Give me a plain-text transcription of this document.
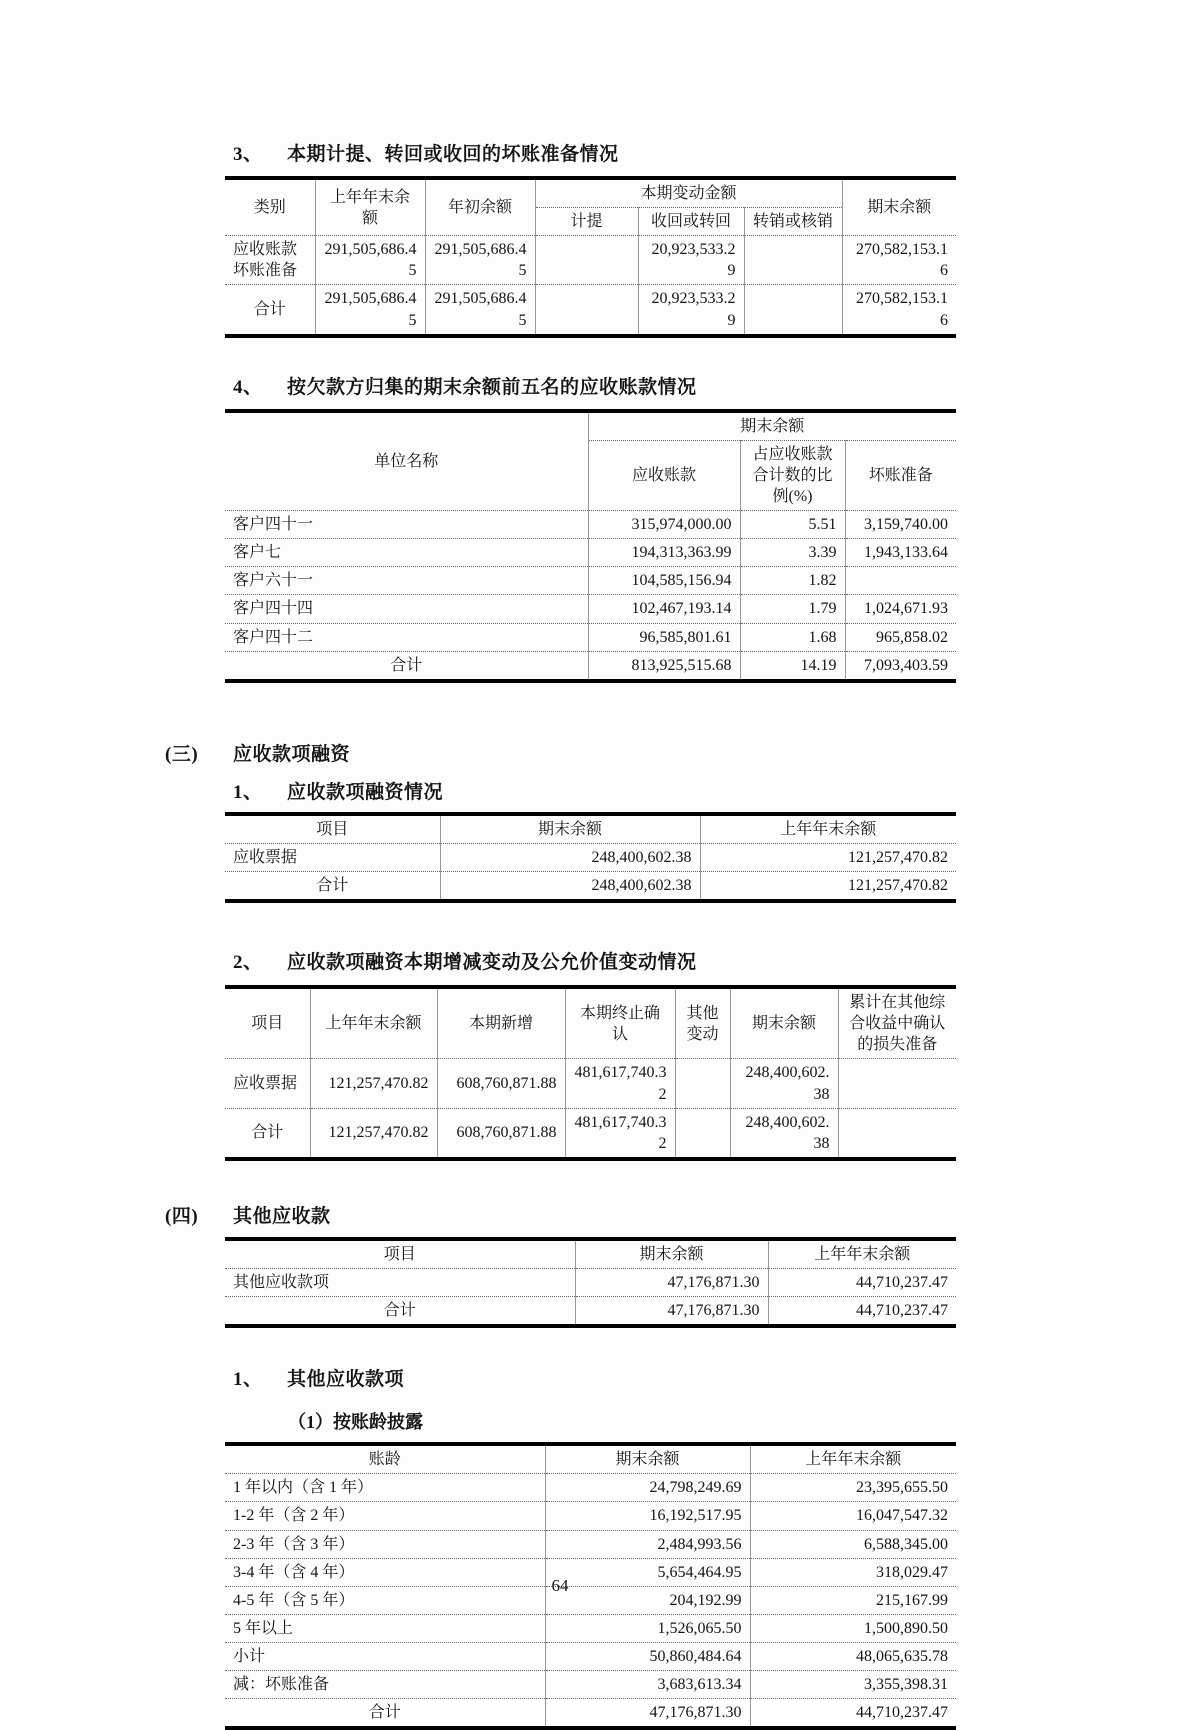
3、 本期计提、转回或收回的坏账准备情况
类别	上年年末余额	年初余额	本期变动金额			期末余额
			计提	收回或转回	转销或核销	
应收账款坏账准备	291,505,686.45	291,505,686.45		20,923,533.29		270,582,153.16
合计	291,505,686.45	291,505,686.45		20,923,533.29		270,582,153.16
4、 按欠款方归集的期末余额前五名的应收账款情况
单位名称	期末余额		
	应收账款	占应收账款合计数的比例(%)	坏账准备
客户四十一	315,974,000.00	5.51	3,159,740.00
客户七	194,313,363.99	3.39	1,943,133.64
客户六十一	104,585,156.94	1.82	
客户四十四	102,467,193.14	1.79	1,024,671.93
客户四十二	96,585,801.61	1.68	965,858.02
合计	813,925,515.68	14.19	7,093,403.59
(三) 应收款项融资
1、 应收款项融资情况
项目	期末余额	上年年末余额
应收票据	248,400,602.38	121,257,470.82
合计	248,400,602.38	121,257,470.82
2、 应收款项融资本期增减变动及公允价值变动情况
项目	上年年末余额	本期新增	本期终止确认	其他变动	期末余额	累计在其他综合收益中确认的损失准备
应收票据	121,257,470.82	608,760,871.88	481,617,740.32		248,400,602.38	
合计	121,257,470.82	608,760,871.88	481,617,740.32		248,400,602.38	
(四) 其他应收款
项目	期末余额	上年年末余额
其他应收款项	47,176,871.30	44,710,237.47
合计	47,176,871.30	44,710,237.47
1、 其他应收款项
（1）按账龄披露
账龄	期末余额	上年年末余额
1 年以内（含 1 年）	24,798,249.69	23,395,655.50
1-2 年（含 2 年）	16,192,517.95	16,047,547.32
2-3 年（含 3 年）	2,484,993.56	6,588,345.00
3-4 年（含 4 年）	5,654,464.95	318,029.47
4-5 年（含 5 年）	204,192.99	215,167.99
5 年以上	1,526,065.50	1,500,890.50
小计	50,860,484.64	48,065,635.78
减：坏账准备	3,683,613.34	3,355,398.31
合计	47,176,871.30	44,710,237.47
64
